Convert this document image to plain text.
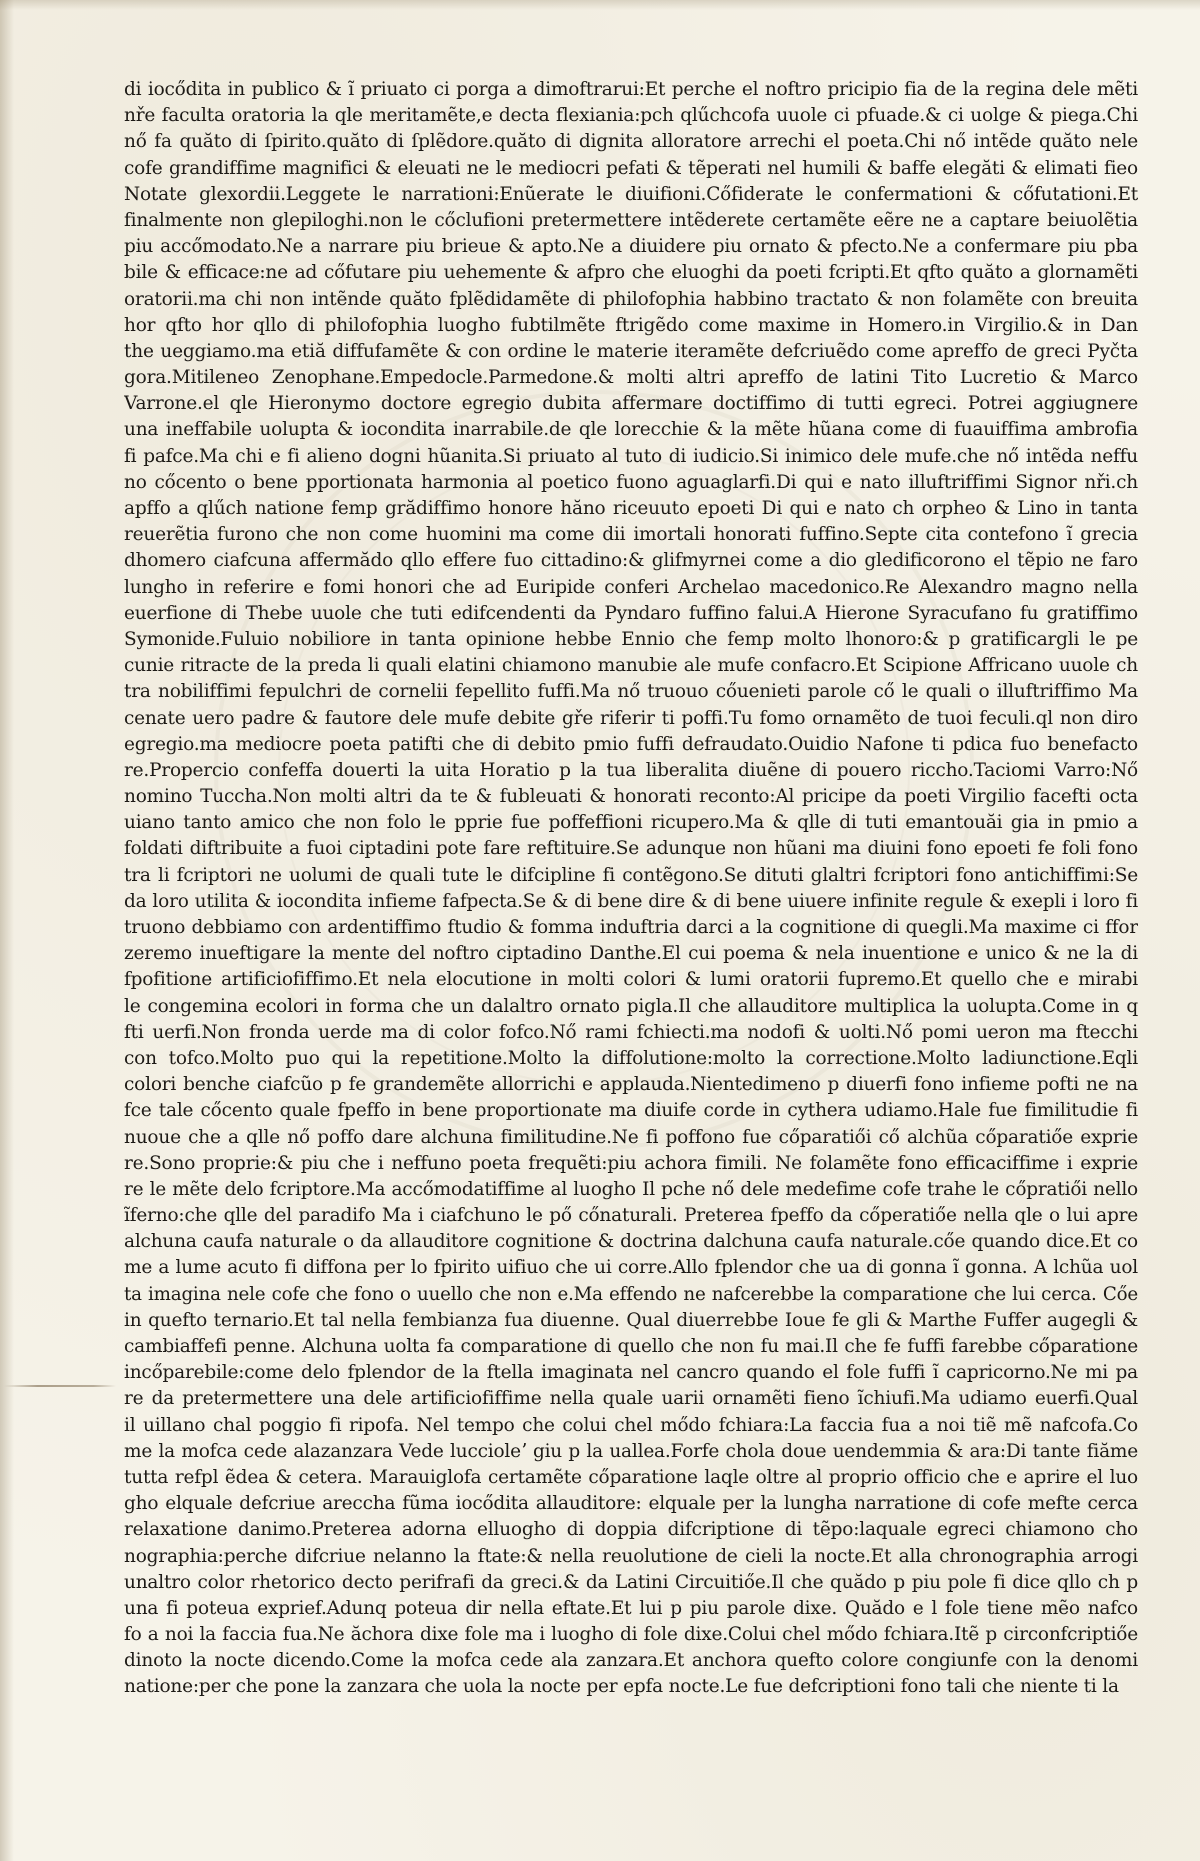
di iocődita in publico & ĩ priuato ci porga a dimoftrarui:Et perche el noftro pricipio fia de la regina dele mẽti
nře faculta oratoria la qle meritamẽte,e decta flexiania:pch qlűchcofa uuole ci pfuade.& ci uolge & piega.Chi
nő fa quăto di ſpirito.quăto di ſplẽdore.quăto di dignita alloratore arrechi el poeta.Chi nő intẽde quăto nele
cofe grandiffime magnifici & eleuati ne le mediocri pefati & tẽperati nel humili & baffe elegăti & elimati fieo
Notate glexordii.Leggete le narrationi:Enũerate le diuifioni.Cőfiderate le confermationi & cőfutationi.Et
finalmente non glepiloghi.non le cőclufioni pretermettere intẽderete certamẽte eẽre ne a captare beiuolẽtia
piu accőmodato.Ne a narrare piu brieue & apto.Ne a diuidere piu ornato & pfecto.Ne a confermare piu pba
bile & efficace:ne ad cőfutare piu uehemente & afpro che eluoghi da poeti fcripti.Et qfto quăto a glornamẽti
oratorii.ma chi non intẽnde quăto fplẽdidamẽte di philofophia habbino tractato & non folamẽte con breuita
hor qfto hor qllo di philofophia luogho fubtilmẽte ftrigẽdo come maxime in Homero.in Virgilio.& in Dan
the ueggiamo.ma etiă diffufamẽte & con ordine le materie iteramẽte defcriuẽdo come apreffo de greci Pyčta
gora.Mitileneo Zenophane.Empedocle.Parmedone.& molti altri apreffo de latini Tito Lucretio & Marco
Varrone.el qle Hieronymo doctore egregio dubita affermare doctiffimo di tutti egreci. Potrei aggiugnere
una ineffabile uolupta & iocondita inarrabile.de qle lorecchie & la mẽte hũana come di fuauiffima ambrofia
fi pafce.Ma chi e fi alieno dogni hũanita.Si priuato al tuto di iudicio.Si inimico dele mufe.che nő intẽda neffu
no cőcento o bene pportionata harmonia al poetico fuono aguaglarfi.Di qui e nato illuftriffimi Signor nři.ch
apffo a qlűch natione femp grădiffimo honore hăno riceuuto epoeti Di qui e nato ch orpheo & Lino in tanta
reuerẽtia furono che non come huomini ma come dii imortali honorati fuffino.Septe cita contefono ĩ grecia
dhomero ciafcuna affermădo qllo effere fuo cittadino:& glifmyrnei come a dio gledificorono el tẽpio ne faro
lungho in referire e fomi honori che ad Euripide conferi Archelao macedonico.Re Alexandro magno nella
euerfione di Thebe uuole che tuti edifcendenti da Pyndaro fuffino falui.A Hierone Syracufano fu gratiffimo
Symonide.Fuluio nobiliore in tanta opinione hebbe Ennio che femp molto lhonoro:& p gratificargli le pe
cunie ritracte de la preda li quali elatini chiamono manubie ale mufe confacro.Et Scipione Affricano uuole ch
tra nobiliffimi fepulchri de cornelii fepellito fuffi.Ma nő truouo cőuenieti parole cő le quali o illuftriffimo Ma
cenate uero padre & fautore dele mufe debite gře riferir ti poffi.Tu fomo ornamẽto de tuoi feculi.ql non diro
egregio.ma mediocre poeta patifti che di debito pmio fuffi defraudato.Ouidio Nafone ti pdica fuo benefacto
re.Propercio confeffa douerti la uita Horatio p la tua liberalita diuẽne di pouero riccho.Taciomi Varro:Nő
nomino Tuccha.Non molti altri da te & fubleuati & honorati reconto:Al pricipe da poeti Virgilio facefti octa
uiano tanto amico che non folo le pprie fue poffeffioni ricupero.Ma & qlle di tuti emantouăi gia in pmio a
foldati diftribuite a fuoi ciptadini pote fare reftituire.Se adunque non hũani ma diuini fono epoeti fe foli fono
tra li fcriptori ne uolumi de quali tute le difcipline fi contẽgono.Se dituti glaltri fcriptori fono antichiffimi:Se
da loro utilita & iocondita infieme fafpecta.Se & di bene dire & di bene uiuere infinite regule & exepli i loro fi
truono debbiamo con ardentiffimo ftudio & fomma induftria darci a la cognitione di quegli.Ma maxime ci ffor
zeremo inueftigare la mente del noftro ciptadino Danthe.El cui poema & nela inuentione e unico & ne la di
fpofitione artificiofiffimo.Et nela elocutione in molti colori & lumi oratorii fupremo.Et quello che e mirabi
le congemina ecolori in forma che un dalaltro ornato pigla.Il che allauditore multiplica la uolupta.Come in q
fti uerfi.Non fronda uerde ma di color fofco.Nő rami fchiecti.ma nodofi & uolti.Nő pomi ueron ma ftecchi
con tofco.Molto puo qui la repetitione.Molto la diffolutione:molto la correctione.Molto ladiunctione.Eqli
colori benche ciafcũo p fe grandemẽte allorrichi e applauda.Nientedimeno p diuerfi fono infieme pofti ne na
fce tale cőcento quale fpeffo in bene proportionate ma diuife corde in cythera udiamo.Hale fue fimilitudie fi
nuoue che a qlle nő poffo dare alchuna fimilitudine.Ne fi poffono fue cőparatiői cő alchũa cőparatiőe exprie
re.Sono proprie:& piu che i neffuno poeta frequẽti:piu achora fimili. Ne folamẽte fono efficaciffime i exprie
re le mẽte delo fcriptore.Ma accőmodatiffime al luogho Il pche nő dele medefime cofe trahe le cőpratiői nello
ĩferno:che qlle del paradifo Ma i ciafchuno le pő cőnaturali. Preterea fpeffo da cőperatiőe nella qle o lui apre
alchuna caufa naturale o da allauditore cognitione & doctrina dalchuna caufa naturale.cőe quando dice.Et co
me a lume acuto fi diffona per lo fpirito uifiuo che ui corre.Allo fplendor che ua di gonna ĩ gonna. A lchũa uol
ta imagina nele cofe che fono o uuello che non e.Ma effendo ne nafcerebbe la comparatione che lui cerca. Cőe
in quefto ternario.Et tal nella fembianza fua diuenne. Qual diuerrebbe Ioue fe gli & Marthe Fuffer augegli &
cambiaffefi penne. Alchuna uolta fa comparatione di quello che non fu mai.Il che fe fuffi farebbe cőparatione
incőparebile:come delo fplendor de la ftella imaginata nel cancro quando el fole fuffi ĩ capricorno.Ne mi pa
re da pretermettere una dele artificiofiffime nella quale uarii ornamẽti fieno ĩchiufi.Ma udiamo euerfi.Qual
il uillano chal poggio fi ripofa. Nel tempo che colui chel mődo fchiara:La faccia fua a noi tiẽ mẽ nafcofa.Co
me la mofca cede alazanzara Vede luccioleʼ giu p la uallea.Forfe chola doue uendemmia & ara:Di tante fiăme
tutta refpl ẽdea & cetera. Marauiglofa certamẽte cőparatione laqle oltre al proprio officio che e aprire el luo
gho elquale defcriue arecchа fũma iocődita allauditore: elquale per la lungha narratione di cofe mefte cerca
relaxatione danimo.Preterea adorna elluogho di doppia difcriptione di tẽpo:laquale egreci chiamono cho
nographia:perche difcriue nelanno la ftate:& nella reuolutione de cieli la nocte.Et alla chronographia arrogi
unaltro color rhetorico decto perifrafi da greci.& da Latini Circuitiőe.Il che quădo p piu pole fi dice qllo ch p
una fi poteua exprief.Adunq poteua dir nella eftate.Et lui p piu parole dixe. Quădo e l fole tiene mẽo nafco
fo a noi la faccia fua.Ne ăchora dixe fole ma i luogho di fole dixe.Colui chel mődo fchiara.Itẽ p circonfcriptiőe
dinoto la nocte dicendo.Come la mofca cede ala zanzara.Et anchora quefto colore congiunfe con la denomi
natione:per che pone la zanzara che uola la nocte per epfa nocte.Le fue defcriptioni fono tali che niente ti la
